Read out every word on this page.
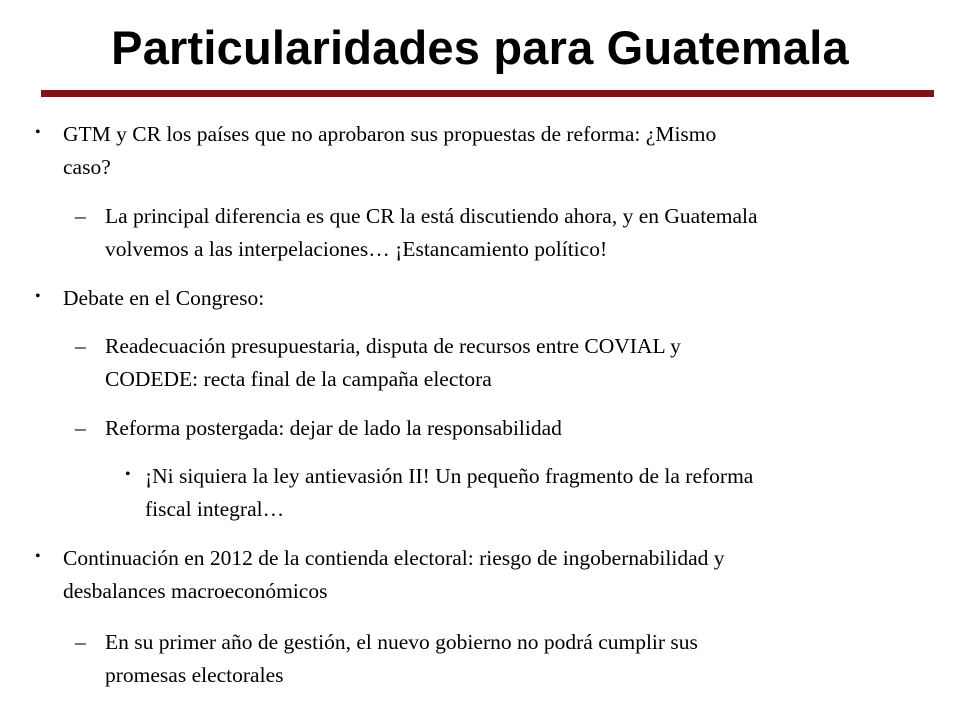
Particularidades para Guatemala
• GTM y CR los países que no aprobaron sus propuestas de reforma: ¿Mismo
caso?
– La principal diferencia es que CR la está discutiendo ahora, y en Guatemala
volvemos a las interpelaciones… ¡Estancamiento político!
• Debate en el Congreso:
– Readecuación presupuestaria, disputa de recursos entre COVIAL y
CODEDE: recta final de la campaña electora
– Reforma postergada: dejar de lado la responsabilidad
• ¡Ni siquiera la ley antievasión II! Un pequeño fragmento de la reforma
fiscal integral…
• Continuación en 2012 de la contienda electoral: riesgo de ingobernabilidad y
desbalances macroeconómicos
– En su primer año de gestión, el nuevo gobierno no podrá cumplir sus
promesas electorales
